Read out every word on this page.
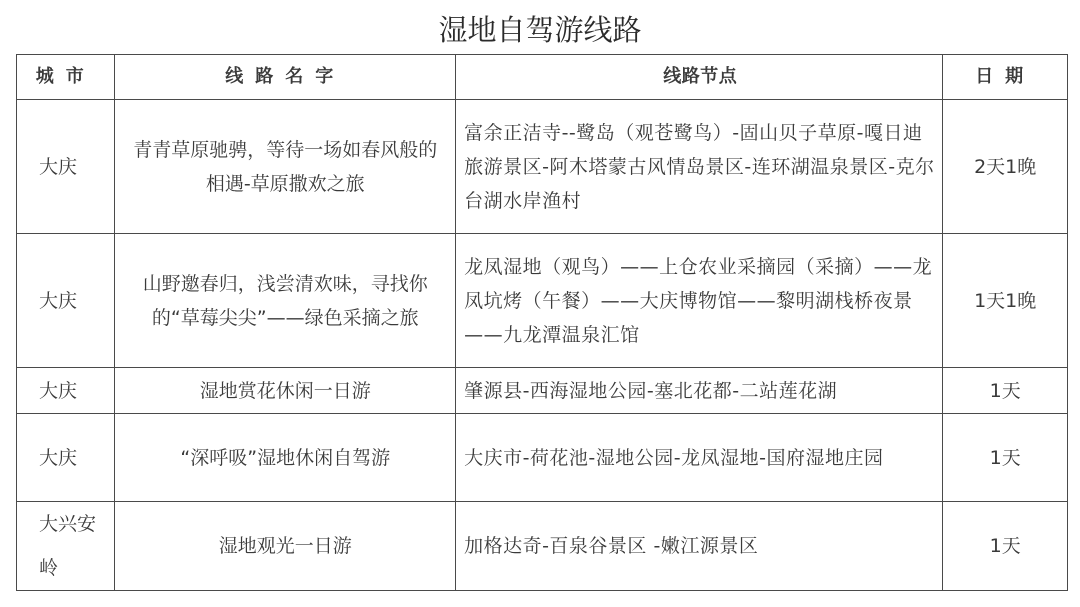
湿地自驾游线路
城市	线路名字	线路节点	日期
大庆	青青草原驰骋，等待一场如春风般的相遇-草原撒欢之旅	富余正洁寺--鹭岛（观苍鹭鸟）-固山贝子草原-嘎日迪旅游景区-阿木塔蒙古风情岛景区-连环湖温泉景区-克尔台湖水岸渔村	2天1晚
大庆	山野邀春归，浅尝清欢味，寻找你的“草莓尖尖”——绿色采摘之旅	龙凤湿地（观鸟）——上仓农业采摘园（采摘）——龙凤坑烤（午餐）——大庆博物馆——黎明湖栈桥夜景——九龙潭温泉汇馆	1天1晚
大庆	湿地赏花休闲一日游	肇源县-西海湿地公园-塞北花都-二站莲花湖	1天
大庆	“深呼吸”湿地休闲自驾游	大庆市-荷花池-湿地公园-龙凤湿地-国府湿地庄园	1天
大兴安岭	湿地观光一日游	加格达奇-百泉谷景区 -嫩江源景区	1天
